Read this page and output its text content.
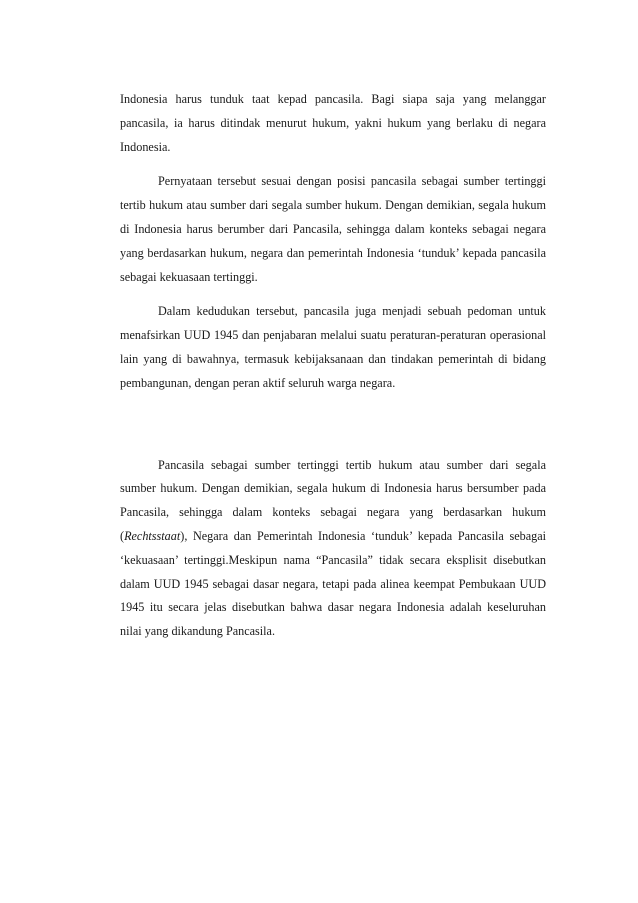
Indonesia harus tunduk taat kepad pancasila. Bagi siapa saja yang melanggar pancasila, ia harus ditindak menurut hukum, yakni hukum yang berlaku di negara Indonesia.

Pernyataan tersebut sesuai dengan posisi pancasila sebagai sumber tertinggi tertib hukum atau sumber dari segala sumber hukum. Dengan demikian, segala hukum di Indonesia harus berumber dari Pancasila, sehingga dalam konteks sebagai negara yang berdasarkan hukum, negara dan pemerintah Indonesia ‘tunduk’ kepada pancasila sebagai kekuasaan tertinggi.

Dalam kedudukan tersebut, pancasila juga menjadi sebuah pedoman untuk menafsirkan UUD 1945 dan penjabaran melalui suatu peraturan-peraturan operasional lain yang di bawahnya, termasuk kebijaksanaan dan tindakan pemerintah di bidang pembangunan, dengan peran aktif seluruh warga negara.

Pancasila sebagai sumber tertinggi tertib hukum atau sumber dari segala sumber hukum. Dengan demikian, segala hukum di Indonesia harus bersumber pada Pancasila, sehingga dalam konteks sebagai negara yang berdasarkan hukum (Rechtsstaat), Negara dan Pemerintah Indonesia ‘tunduk’ kepada Pancasila sebagai ‘kekuasaan’ tertinggi.Meskipun nama “Pancasila” tidak secara eksplisit disebutkan dalam UUD 1945 sebagai dasar negara, tetapi pada alinea keempat Pembukaan UUD 1945 itu secara jelas disebutkan bahwa dasar negara Indonesia adalah keseluruhan nilai yang dikandung Pancasila.
